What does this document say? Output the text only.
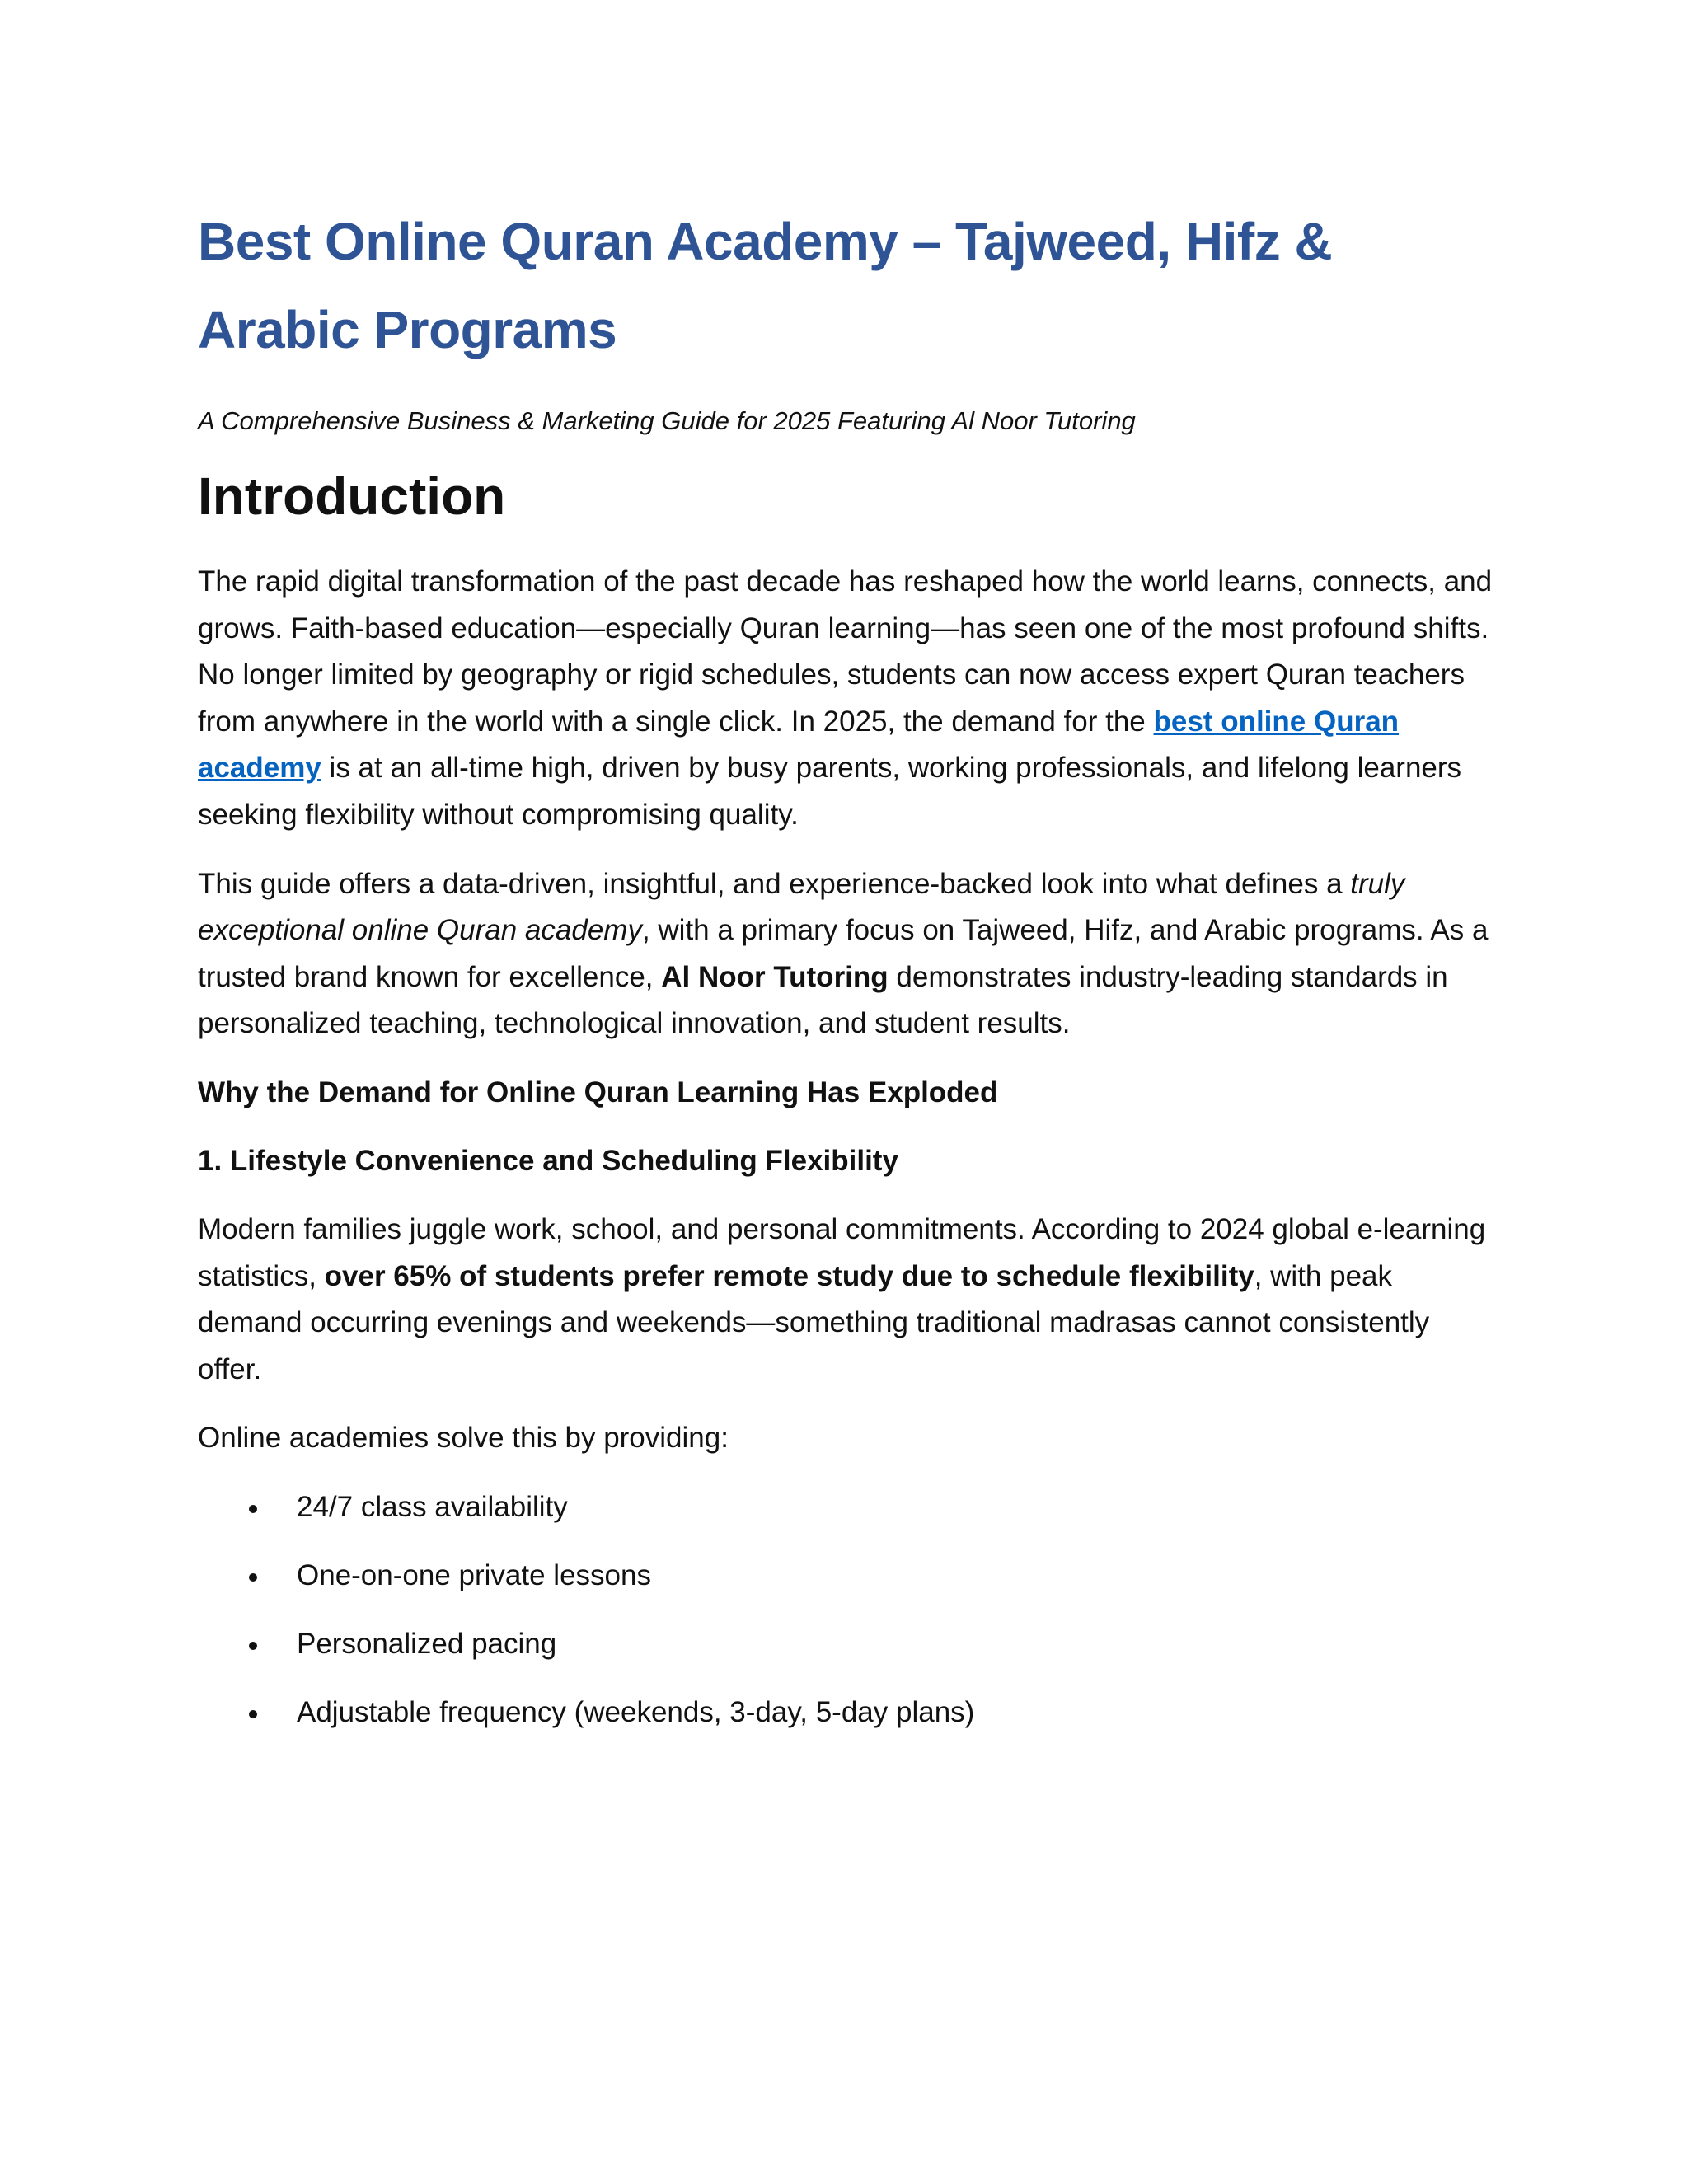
Best Online Quran Academy – Tajweed, Hifz & Arabic Programs

A Comprehensive Business & Marketing Guide for 2025 Featuring Al Noor Tutoring

Introduction

The rapid digital transformation of the past decade has reshaped how the world learns, connects, and grows. Faith-based education—especially Quran learning—has seen one of the most profound shifts. No longer limited by geography or rigid schedules, students can now access expert Quran teachers from anywhere in the world with a single click. In 2025, the demand for the best online Quran academy is at an all-time high, driven by busy parents, working professionals, and lifelong learners seeking flexibility without compromising quality.

This guide offers a data-driven, insightful, and experience-backed look into what defines a truly exceptional online Quran academy, with a primary focus on Tajweed, Hifz, and Arabic programs. As a trusted brand known for excellence, Al Noor Tutoring demonstrates industry-leading standards in personalized teaching, technological innovation, and student results.

Why the Demand for Online Quran Learning Has Exploded

1. Lifestyle Convenience and Scheduling Flexibility

Modern families juggle work, school, and personal commitments. According to 2024 global e-learning statistics, over 65% of students prefer remote study due to schedule flexibility, with peak demand occurring evenings and weekends—something traditional madrasas cannot consistently offer.

Online academies solve this by providing:

24/7 class availability
One-on-one private lessons
Personalized pacing
Adjustable frequency (weekends, 3-day, 5-day plans)
